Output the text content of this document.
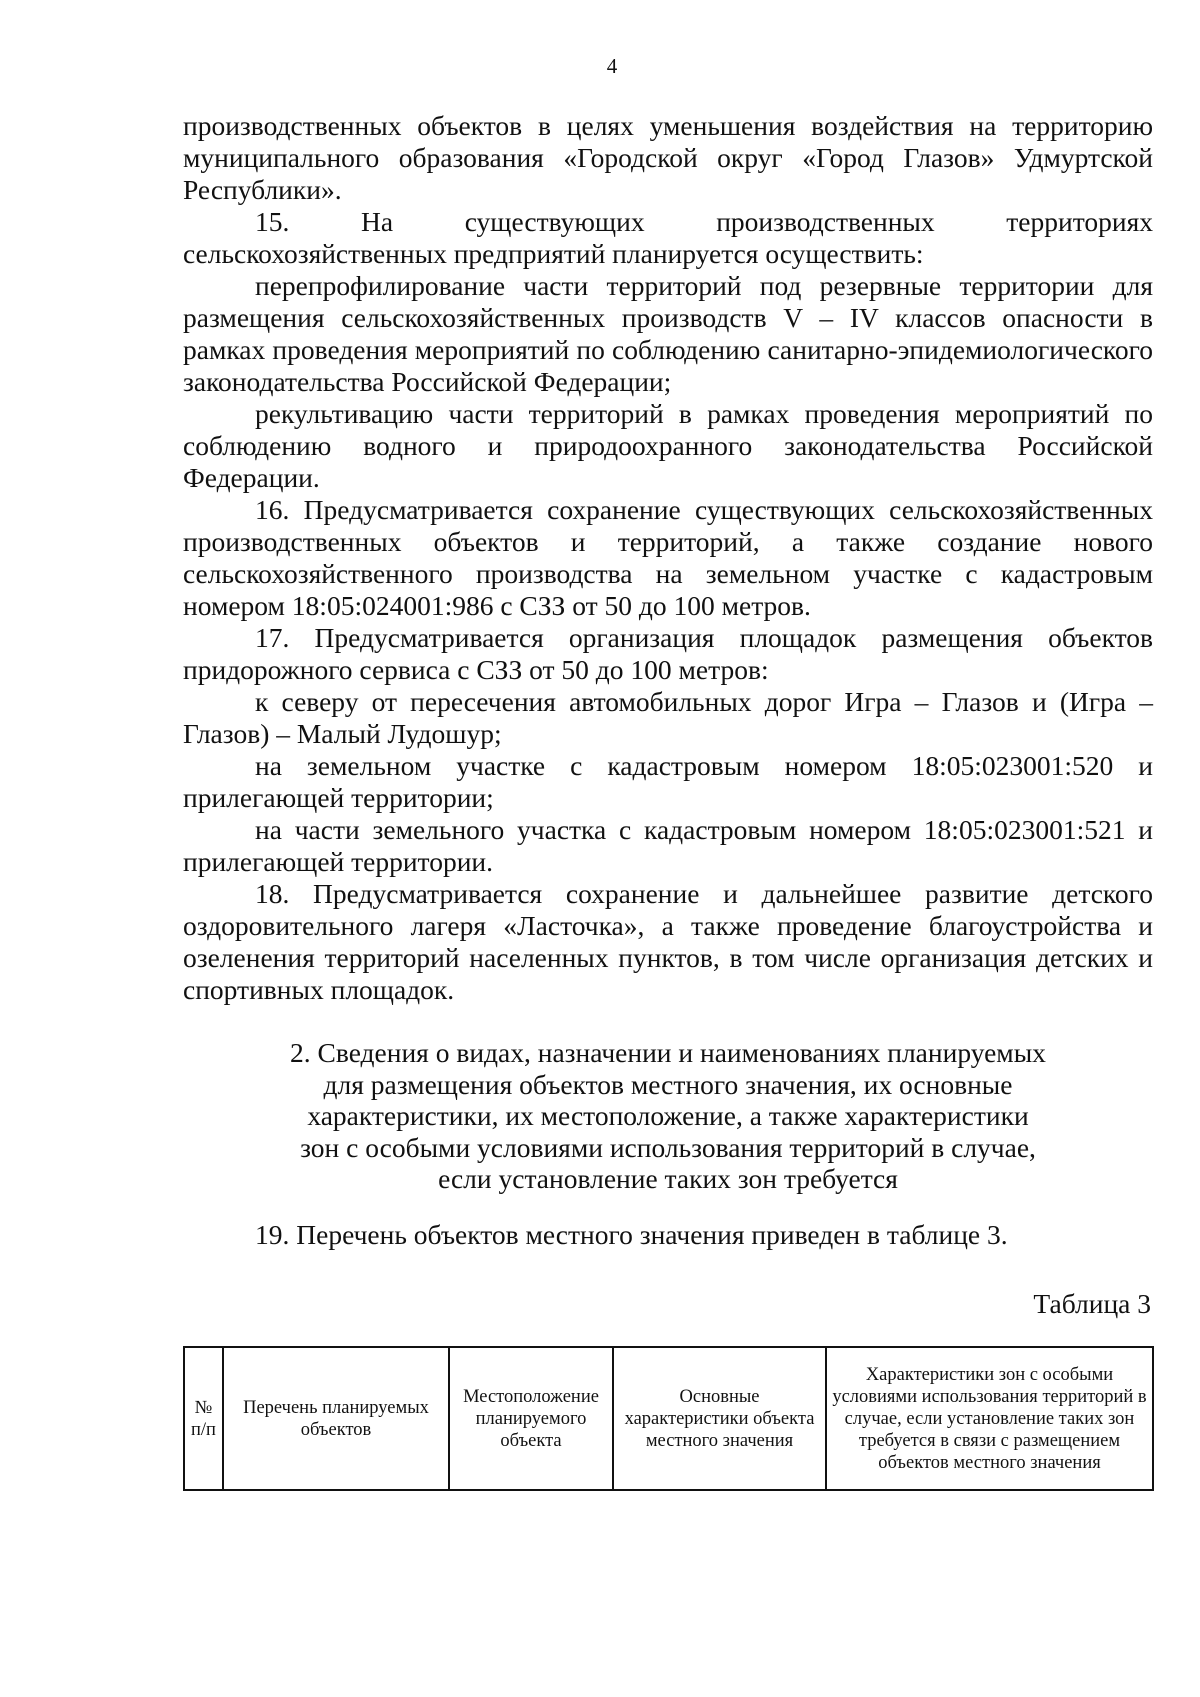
4

производственных объектов в целях уменьшения воздействия на территорию муниципального образования «Городской округ «Город Глазов» Удмуртской Республики».

15. На существующих производственных территориях сельскохозяйственных предприятий планируется осуществить:

перепрофилирование части территорий под резервные территории для размещения сельскохозяйственных производств V – IV классов опасности в рамках проведения мероприятий по соблюдению санитарно-эпидемиологического законодательства Российской Федерации;

рекультивацию части территорий в рамках проведения мероприятий по соблюдению водного и природоохранного законодательства Российской Федерации.

16. Предусматривается сохранение существующих сельскохозяйственных производственных объектов и территорий, а также создание нового сельскохозяйственного производства на земельном участке с кадастровым номером 18:05:024001:986 с СЗЗ от 50 до 100 метров.

17. Предусматривается организация площадок размещения объектов придорожного сервиса с СЗЗ от 50 до 100 метров:

к северу от пересечения автомобильных дорог Игра – Глазов и (Игра – Глазов) – Малый Лудошур;

на земельном участке с кадастровым номером 18:05:023001:520 и прилегающей территории;

на части земельного участка с кадастровым номером 18:05:023001:521 и прилегающей территории.

18. Предусматривается сохранение и дальнейшее развитие детского оздоровительного лагеря «Ласточка», а также проведение благоустройства и озеленения территорий населенных пунктов, в том числе организация детских и спортивных площадок.

2. Сведения о видах, назначении и наименованиях планируемых
для размещения объектов местного значения, их основные
характеристики, их местоположение, а также характеристики
зон с особыми условиями использования территорий в случае,
если установление таких зон требуется
19. Перечень объектов местного значения приведен в таблице 3.
Таблица 3
№ п/п	Перечень планируемых объектов	Местоположение планируемого объекта	Основные характеристики объекта местного значения	Характеристики зон с особыми условиями использования территорий в случае, если установление таких зон требуется в связи с размещением объектов местного значения
